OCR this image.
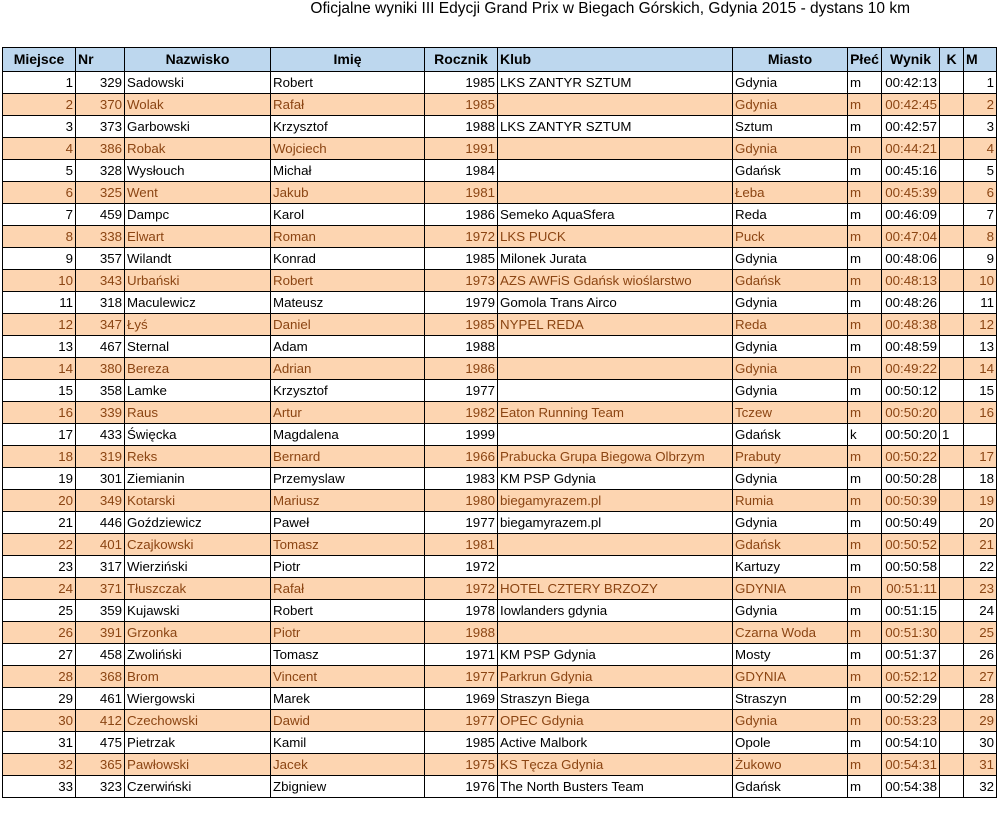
Oficjalne wyniki III Edycji Grand Prix w Biegach Górskich, Gdynia 2015 - dystans 10 km
Miejsce	Nr	Nazwisko	Imię	Rocznik	Klub	Miasto	Płeć	Wynik	K	M
1	329	Sadowski	Robert	1985	LKS ZANTYR SZTUM	Gdynia	m	00:42:13		1
2	370	Wolak	Rafał	1985		Gdynia	m	00:42:45		2
3	373	Garbowski	Krzysztof	1988	LKS ZANTYR SZTUM	Sztum	m	00:42:57		3
4	386	Robak	Wojciech	1991		Gdynia	m	00:44:21		4
5	328	Wysłouch	Michał	1984		Gdańsk	m	00:45:16		5
6	325	Went	Jakub	1981		Łeba	m	00:45:39		6
7	459	Dampc	Karol	1986	Semeko AquaSfera	Reda	m	00:46:09		7
8	338	Elwart	Roman	1972	LKS PUCK	Puck	m	00:47:04		8
9	357	Wilandt	Konrad	1985	Milonek Jurata	Gdynia	m	00:48:06		9
10	343	Urbański	Robert	1973	AZS AWFiS Gdańsk wioślarstwo	Gdańsk	m	00:48:13		10
11	318	Maculewicz	Mateusz	1979	Gomola Trans Airco	Gdynia	m	00:48:26		11
12	347	Łyś	Daniel	1985	NYPEL REDA	Reda	m	00:48:38		12
13	467	Sternal	Adam	1988		Gdynia	m	00:48:59		13
14	380	Bereza	Adrian	1986		Gdynia	m	00:49:22		14
15	358	Lamke	Krzysztof	1977		Gdynia	m	00:50:12		15
16	339	Raus	Artur	1982	Eaton Running Team	Tczew	m	00:50:20		16
17	433	Święcka	Magdalena	1999		Gdańsk	k	00:50:20	1	
18	319	Reks	Bernard	1966	Prabucka Grupa Biegowa Olbrzym	Prabuty	m	00:50:22		17
19	301	Ziemianin	Przemyslaw	1983	KM PSP Gdynia	Gdynia	m	00:50:28		18
20	349	Kotarski	Mariusz	1980	biegamyrazem.pl	Rumia	m	00:50:39		19
21	446	Goździewicz	Paweł	1977	biegamyrazem.pl	Gdynia	m	00:50:49		20
22	401	Czajkowski	Tomasz	1981		Gdańsk	m	00:50:52		21
23	317	Wierziński	Piotr	1972		Kartuzy	m	00:50:58		22
24	371	Tłuszczak	Rafał	1972	HOTEL CZTERY BRZOZY	GDYNIA	m	00:51:11		23
25	359	Kujawski	Robert	1978	Iowlanders gdynia	Gdynia	m	00:51:15		24
26	391	Grzonka	Piotr	1988		Czarna Woda	m	00:51:30		25
27	458	Zwoliński	Tomasz	1971	KM PSP Gdynia	Mosty	m	00:51:37		26
28	368	Brom	Vincent	1977	Parkrun Gdynia	GDYNIA	m	00:52:12		27
29	461	Wiergowski	Marek	1969	Straszyn Biega	Straszyn	m	00:52:29		28
30	412	Czechowski	Dawid	1977	OPEC Gdynia	Gdynia	m	00:53:23		29
31	475	Pietrzak	Kamil	1985	Active Malbork	Opole	m	00:54:10		30
32	365	Pawłowski	Jacek	1975	KS Tęcza Gdynia	Żukowo	m	00:54:31		31
33	323	Czerwiński	Zbigniew	1976	The North Busters Team	Gdańsk	m	00:54:38		32
